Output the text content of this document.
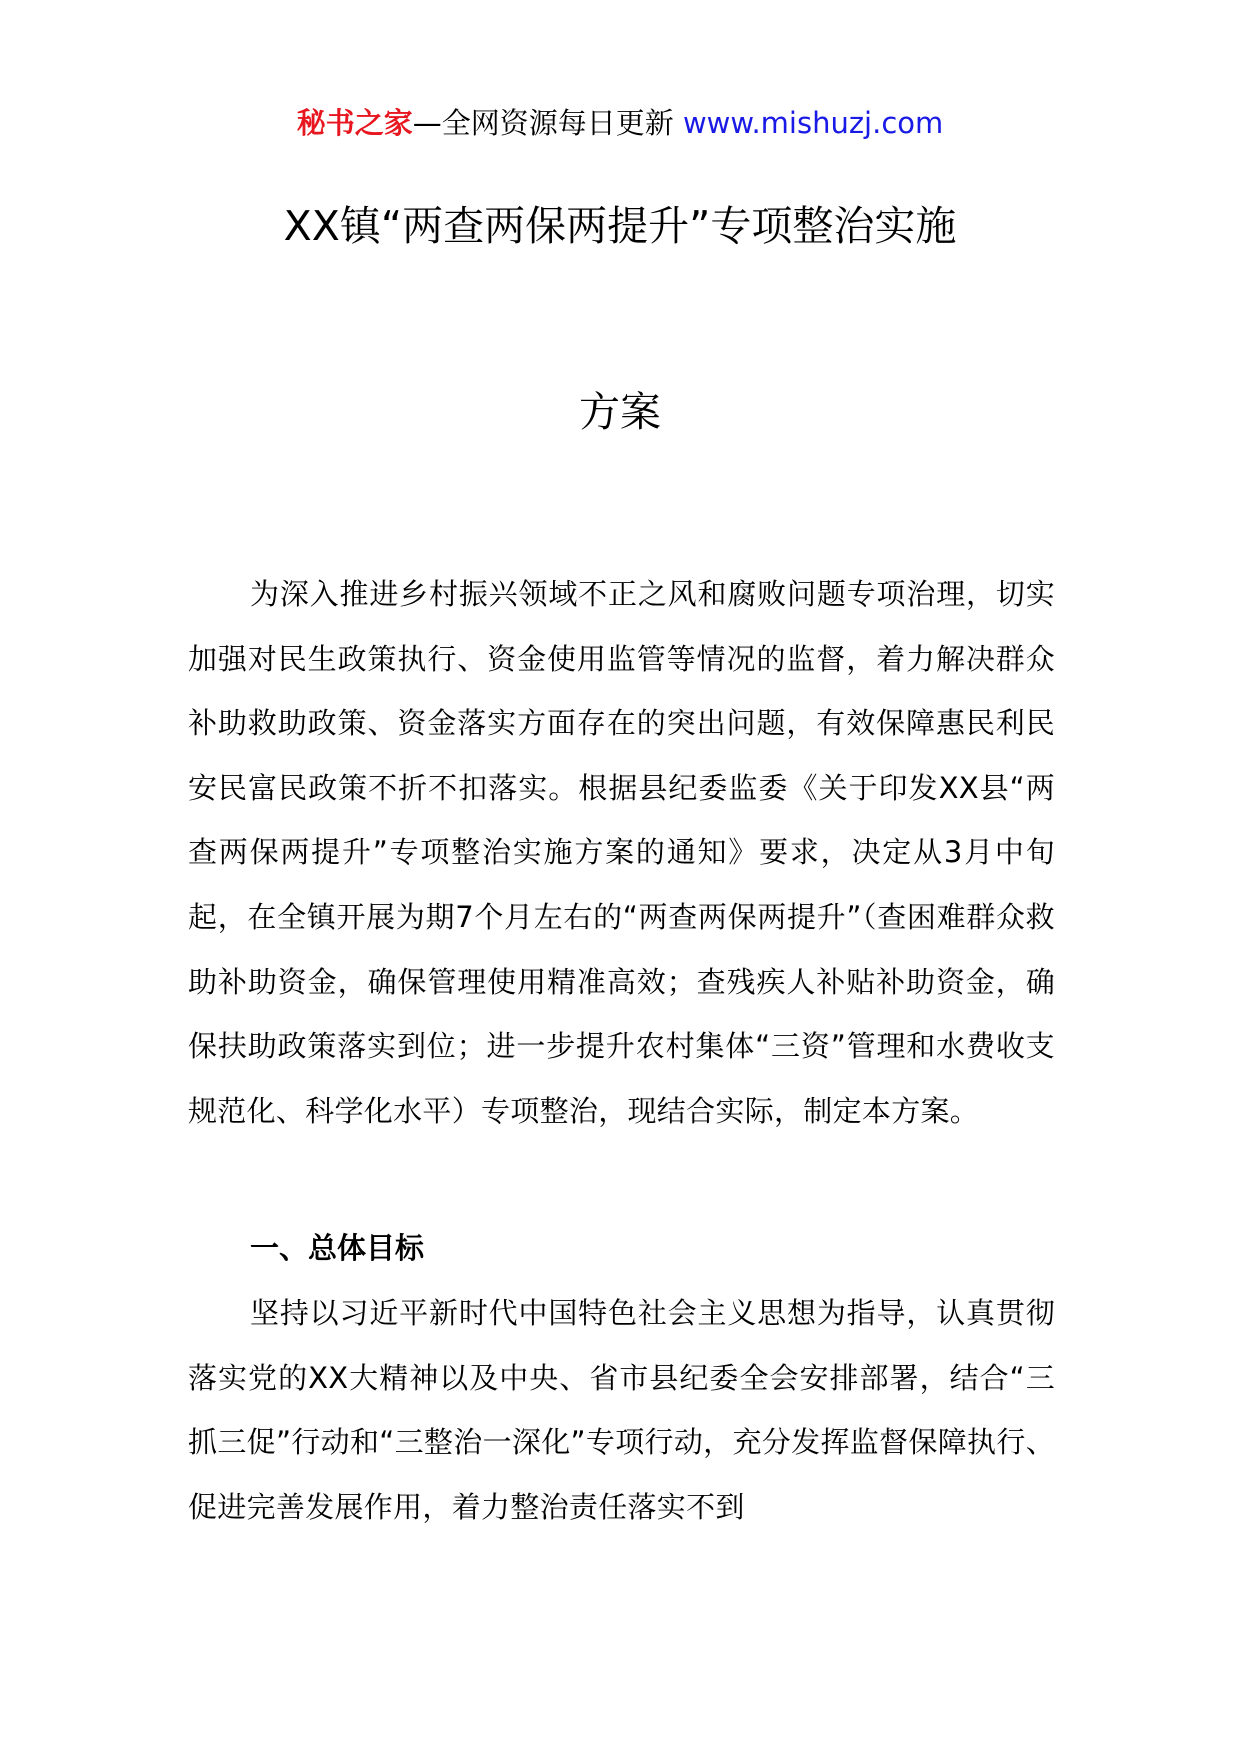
秘书之家—全网资源每日更新 www.mishuzj.com
XX镇“两查两保两提升”专项整治实施
方案
为深入推进乡村振兴领域不正之风和腐败问题专项治理，切实加强对民生政策执行、资金使用监管等情况的监督，着力解决群众补助救助政策、资金落实方面存在的突出问题，有效保障惠民利民安民富民政策不折不扣落实。根据县纪委监委《关于印发XX县“两查两保两提升”专项整治实施方案的通知》要求，决定从3月中旬起，在全镇开展为期7个月左右的“两查两保两提升”（查困难群众救助补助资金，确保管理使用精准高效；查残疾人补贴补助资金，确保扶助政策落实到位；进一步提升农村集体“三资”管理和水费收支规范化、科学化水平）专项整治，现结合实际，制定本方案。
一、总体目标
坚持以习近平新时代中国特色社会主义思想为指导，认真贯彻落实党的XX大精神以及中央、省市县纪委全会安排部署，结合“三抓三促”行动和“三整治一深化”专项行动，充分发挥监督保障执行、促进完善发展作用，着力整治责任落实不到
